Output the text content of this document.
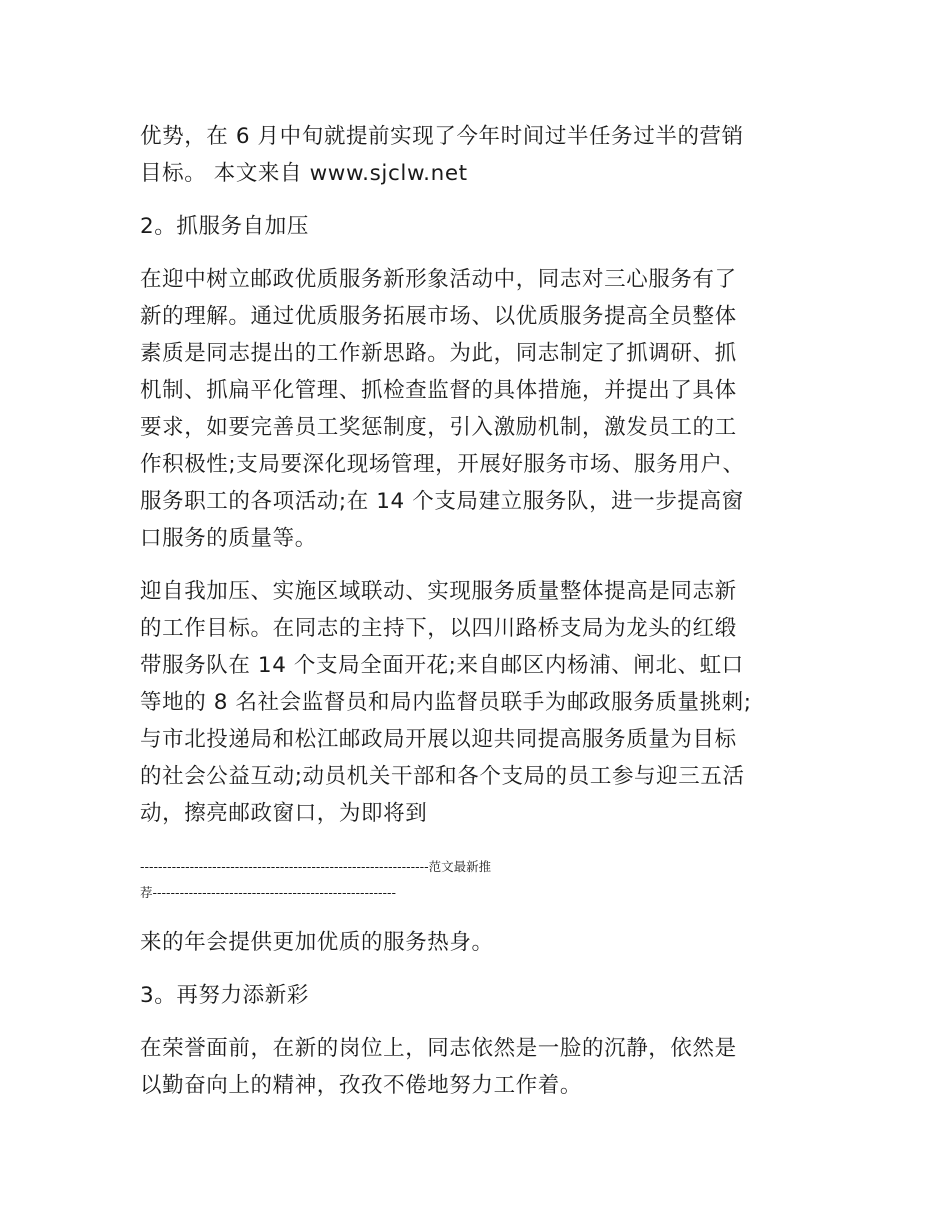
优势，在 6 月中旬就提前实现了今年时间过半任务过半的营销
目标。 本文来自 www.sjclw.net

2。抓服务自加压

在迎中树立邮政优质服务新形象活动中，同志对三心服务有了
新的理解。通过优质服务拓展市场、以优质服务提高全员整体
素质是同志提出的工作新思路。为此，同志制定了抓调研、抓
机制、抓扁平化管理、抓检查监督的具体措施，并提出了具体
要求，如要完善员工奖惩制度，引入激励机制，激发员工的工
作积极性;支局要深化现场管理，开展好服务市场、服务用户、
服务职工的各项活动;在 14 个支局建立服务队，进一步提高窗
口服务的质量等。

迎自我加压、实施区域联动、实现服务质量整体提高是同志新
的工作目标。在同志的主持下，以四川路桥支局为龙头的红缎
带服务队在 14 个支局全面开花;来自邮区内杨浦、闸北、虹口
等地的 8 名社会监督员和局内监督员联手为邮政服务质量挑刺;
与市北投递局和松江邮政局开展以迎共同提高服务质量为目标
的社会公益互动;动员机关干部和各个支局的员工参与迎三五活
动，擦亮邮政窗口，为即将到

----------------------------------------------------------------范文最新推
荐------------------------------------------------------

来的年会提供更加优质的服务热身。

3。再努力添新彩

在荣誉面前，在新的岗位上，同志依然是一脸的沉静，依然是
以勤奋向上的精神，孜孜不倦地努力工作着。
